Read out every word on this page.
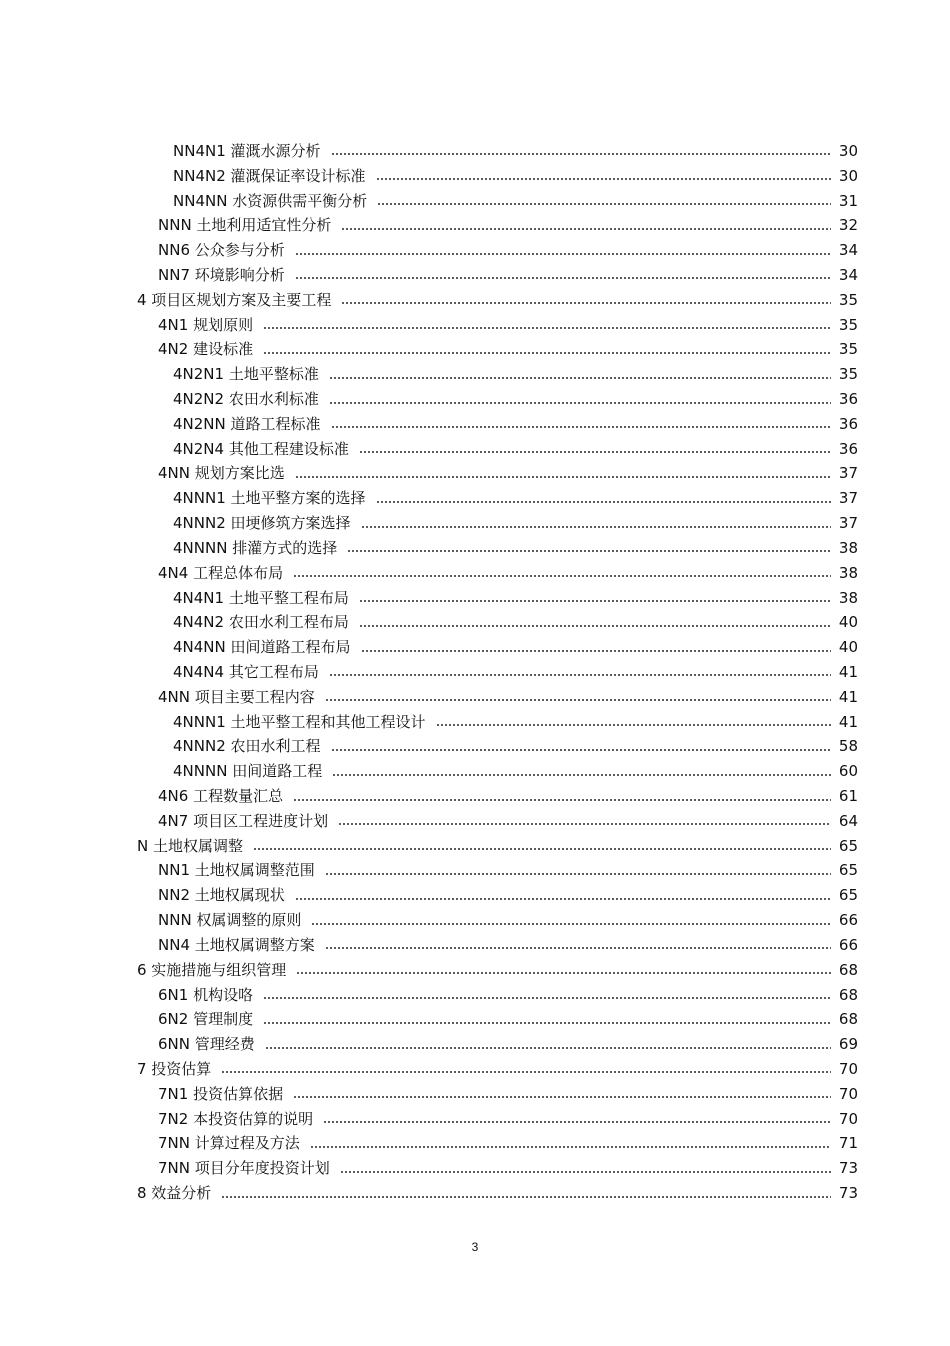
NN4N1 灌溉水源分析	30
NN4N2 灌溉保证率设计标准	30
NN4NN 水资源供需平衡分析	31
NNN 土地利用适宜性分析	32
NN6 公众参与分析	34
NN7 环境影响分析	34
4 项目区规划方案及主要工程	35
4N1 规划原则	35
4N2 建设标准	35
4N2N1 土地平整标准	35
4N2N2 农田水利标准	36
4N2NN 道路工程标准	36
4N2N4 其他工程建设标准	36
4NN 规划方案比选	37
4NNN1 土地平整方案的选择	37
4NNN2 田埂修筑方案选择	37
4NNNN 排灌方式的选择	38
4N4 工程总体布局	38
4N4N1 土地平整工程布局	38
4N4N2 农田水利工程布局	40
4N4NN 田间道路工程布局	40
4N4N4 其它工程布局	41
4NN 项目主要工程内容	41
4NNN1 土地平整工程和其他工程设计	41
4NNN2 农田水利工程	58
4NNNN 田间道路工程	60
4N6 工程数量汇总	61
4N7 项目区工程进度计划	64
N 土地权属调整	65
NN1 土地权属调整范围	65
NN2 土地权属现状	65
NNN 权属调整的原则	66
NN4 土地权属调整方案	66
6 实施措施与组织管理	68
6N1 机构设咯	68
6N2 管理制度	68
6NN 管理经费	69
7 投资估算	70
7N1 投资估算依据	70
7N2 本投资估算的说明	70
7NN 计算过程及方法	71
7NN 项目分年度投资计划	73
8 效益分析	73
3
